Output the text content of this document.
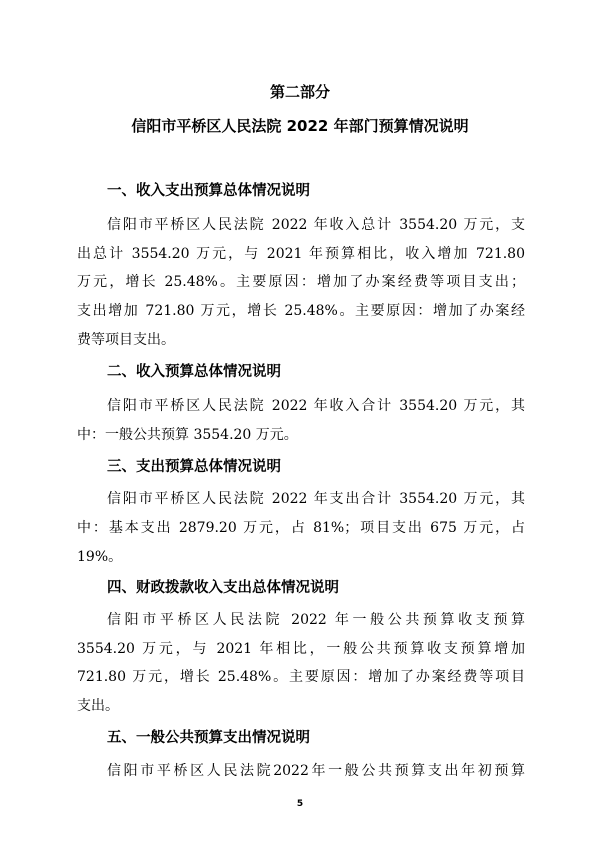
第二部分
信阳市平桥区人民法院 2022 年部门预算情况说明
一、收入支出预算总体情况说明
信阳市平桥区人民法院 2022 年收入总计 3554.20 万元，支
出总计 3554.20 万元，与 2021 年预算相比，收入增加 721.80
万元，增长 25.48%。主要原因：增加了办案经费等项目支出；
支出增加 721.80 万元，增长 25.48%。主要原因：增加了办案经
费等项目支出。
二、收入预算总体情况说明
信阳市平桥区人民法院 2022 年收入合计 3554.20 万元，其
中：一般公共预算 3554.20 万元。
三、支出预算总体情况说明
信阳市平桥区人民法院 2022 年支出合计 3554.20 万元，其
中：基本支出 2879.20 万元，占 81%；项目支出 675 万元，占
19%。
四、财政拨款收入支出总体情况说明
信阳市平桥区人民法院 2022 年一般公共预算收支预算
3554.20 万元，与 2021 年相比，一般公共预算收支预算增加
721.80 万元，增长 25.48%。主要原因：增加了办案经费等项目
支出。
五、一般公共预算支出情况说明
信阳市平桥区人民法院2022年一般公共预算支出年初预算
5
